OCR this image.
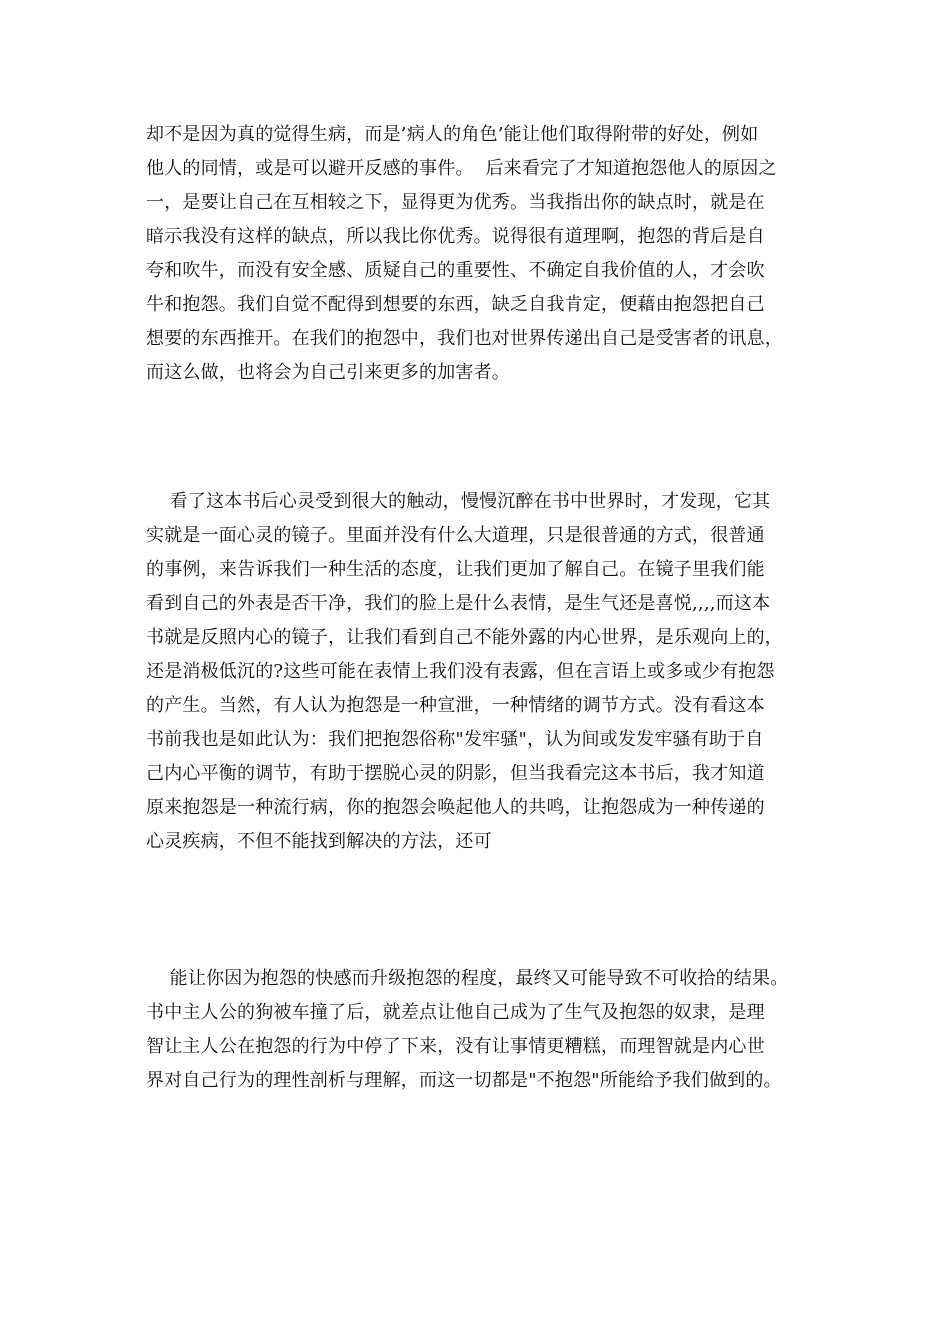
却不是因为真的觉得生病，而是’病人的角色’能让他们取得附带的好处，例如
他人的同情，或是可以避开反感的事件。  后来看完了才知道抱怨他人的原因之
一，是要让自己在互相较之下，显得更为优秀。当我指出你的缺点时，就是在
暗示我没有这样的缺点，所以我比你优秀。说得很有道理啊，抱怨的背后是自
夸和吹牛，而没有安全感、质疑自己的重要性、不确定自我价值的人，才会吹
牛和抱怨。我们自觉不配得到想要的东西，缺乏自我肯定，便藉由抱怨把自己
想要的东西推开。在我们的抱怨中，我们也对世界传递出自己是受害者的讯息，
而这么做，也将会为自己引来更多的加害者。
看了这本书后心灵受到很大的触动，慢慢沉醉在书中世界时，才发现，它其
实就是一面心灵的镜子。里面并没有什么大道理，只是很普通的方式，很普通
的事例，来告诉我们一种生活的态度，让我们更加了解自己。在镜子里我们能
看到自己的外表是否干净，我们的脸上是什么表情，是生气还是喜悦,,,,而这本
书就是反照内心的镜子，让我们看到自己不能外露的内心世界，是乐观向上的，
还是消极低沉的?这些可能在表情上我们没有表露，但在言语上或多或少有抱怨
的产生。当然，有人认为抱怨是一种宣泄，一种情绪的调节方式。没有看这本
书前我也是如此认为：我们把抱怨俗称"发牢骚"，认为间或发发牢骚有助于自
己内心平衡的调节，有助于摆脱心灵的阴影，但当我看完这本书后，我才知道
原来抱怨是一种流行病，你的抱怨会唤起他人的共鸣，让抱怨成为一种传递的
心灵疾病，不但不能找到解决的方法，还可
能让你因为抱怨的快感而升级抱怨的程度，最终又可能导致不可收拾的结果。
书中主人公的狗被车撞了后，就差点让他自己成为了生气及抱怨的奴隶，是理
智让主人公在抱怨的行为中停了下来，没有让事情更糟糕，而理智就是内心世
界对自己行为的理性剖析与理解，而这一切都是"不抱怨"所能给予我们做到的。
